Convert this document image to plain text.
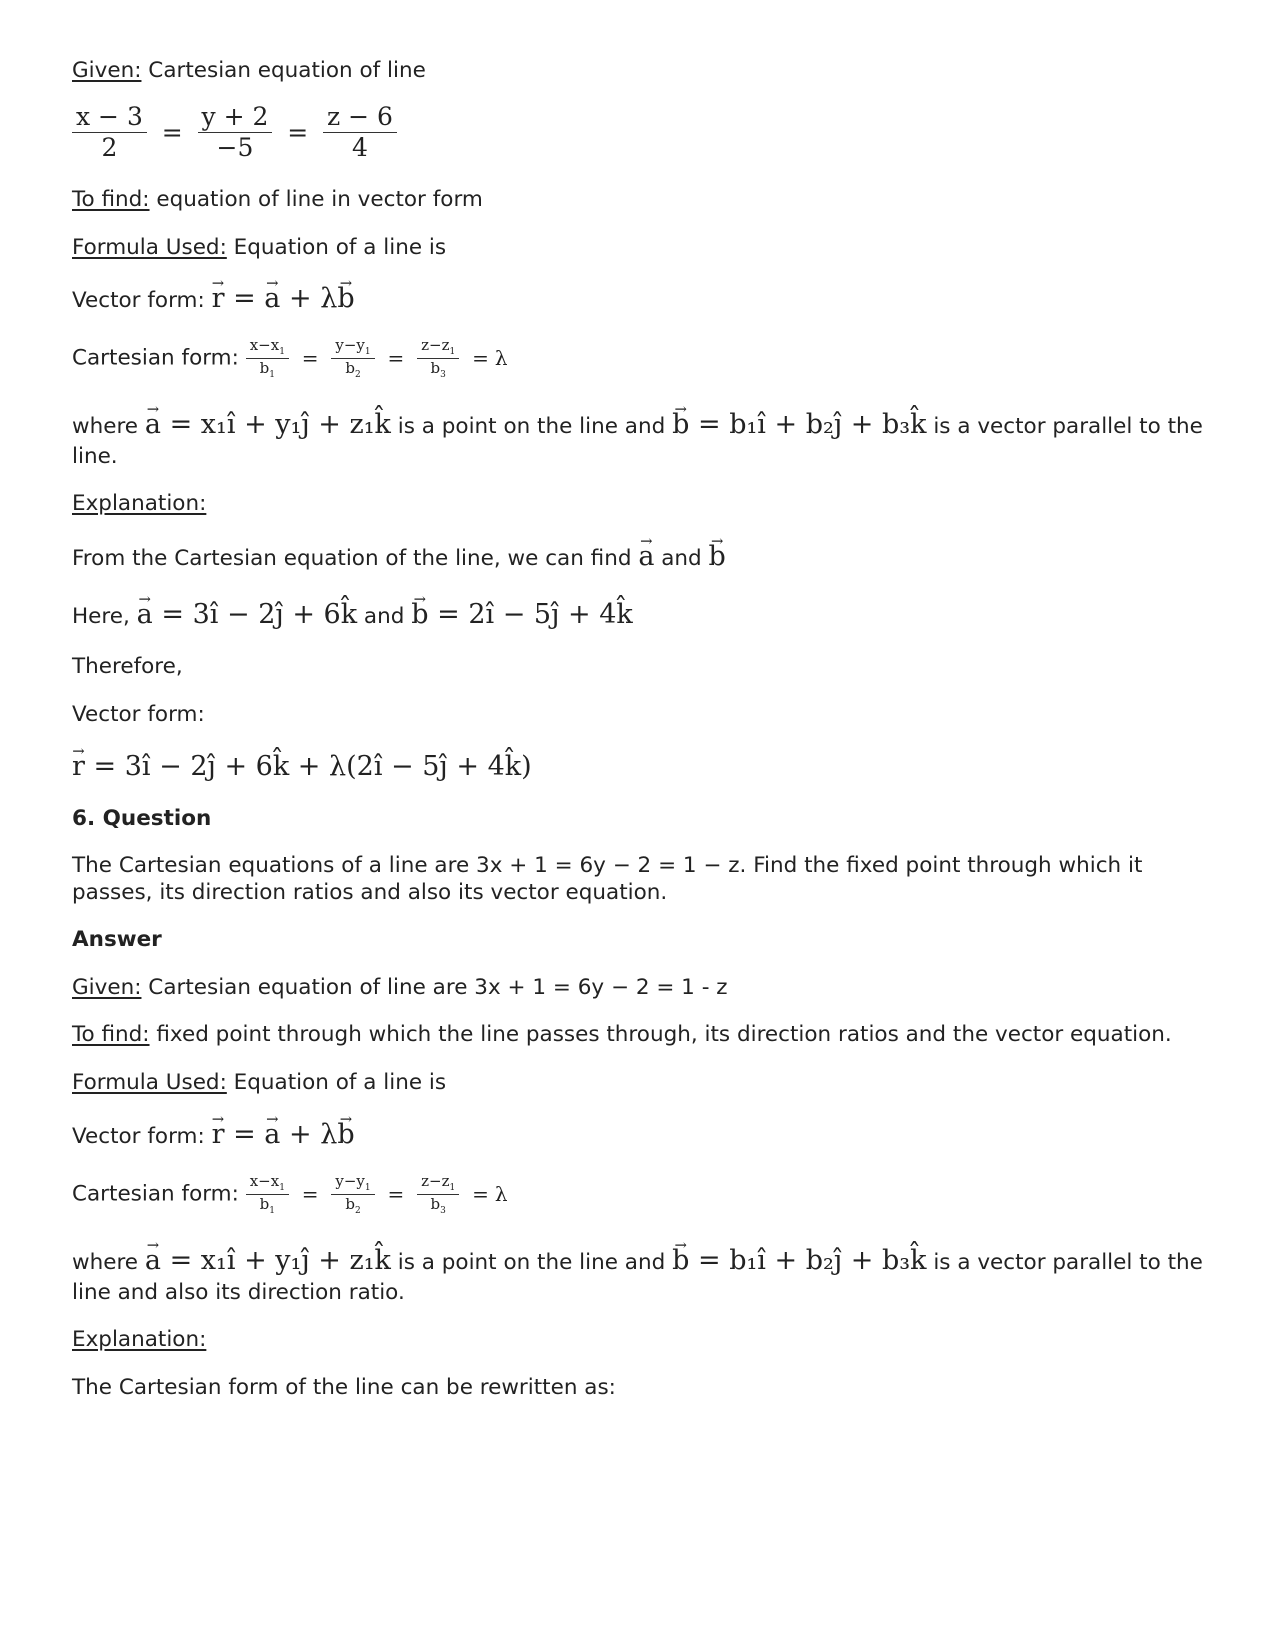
Given: Cartesian equation of line
$\frac{x - 3}{2} = \frac{y + 2}{-5} = \frac{z - 6}{4}$
To find: equation of line in vector form
Formula Used: Equation of a line is
Vector form: r → = a → + λb →
Cartesian form: $\frac{x-x_1}{b_1} = \frac{y-y_1}{b_2} = \frac{z-z_1}{b_3} = \lambda$
where a → = x₁î + y₁ĵ + z₁k̂ is a point on the line and b → = b₁î + b₂ĵ + b₃k̂ is a vector parallel to the
line.
Explanation:
From the Cartesian equation of the line, we can find a → and b →
Here, a → = 3î − 2ĵ + 6k̂ and b → = 2î − 5ĵ + 4k̂
Therefore,
Vector form:
r → = 3î − 2ĵ + 6k̂ + λ(2î − 5ĵ + 4k̂)
6. Question
The Cartesian equations of a line are 3x + 1 = 6y − 2 = 1 − z. Find the fixed point through which it
passes, its direction ratios and also its vector equation.
Answer
Given: Cartesian equation of line are 3x + 1 = 6y − 2 = 1 - z
To find: fixed point through which the line passes through, its direction ratios and the vector equation.
Formula Used: Equation of a line is
Vector form: r → = a → + λb →
Cartesian form: $\frac{x-x_1}{b_1} = \frac{y-y_1}{b_2} = \frac{z-z_1}{b_3} = \lambda$
where a → = x₁î + y₁ĵ + z₁k̂ is a point on the line and b → = b₁î + b₂ĵ + b₃k̂ is a vector parallel to the
line and also its direction ratio.
Explanation:
The Cartesian form of the line can be rewritten as:
